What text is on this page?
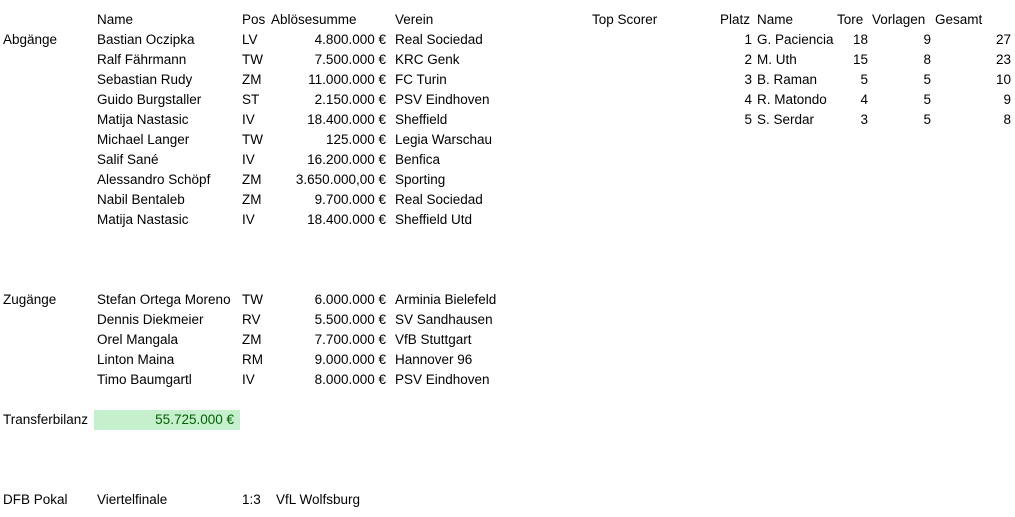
Name	Pos Ablösesumme	Verein	Top Scorer	Platz Name	Tore Vorlagen Gesamt
Abgänge	Bastian Oczipka	LV	4.800.000 € Real Sociedad
Ralf Fährmann	TW	7.500.000 € KRC Genk
Sebastian Rudy	ZM	11.000.000 € FC Turin
Guido Burgstaller	ST	2.150.000 € PSV Eindhoven
Matija Nastasic	IV	18.400.000 € Sheffield
Michael Langer	TW	125.000 € Legia Warschau
Salif Sané	IV	16.200.000 € Benfica
Alessandro Schöpf ZM	3.650.000,00 € Sporting
Nabil Bentaleb	ZM	9.700.000 € Real Sociedad
Matija Nastasic	IV	18.400.000 € Sheffield Utd
1 G. Paciencia	18	9	27
2 M. Uth	15	8	23
3 B. Raman	5	5	10
4 R. Matondo	4	5	9
5 S. Serdar	3	5	8
Zugänge	Stefan Ortega Moreno TW	6.000.000 € Arminia Bielefeld
Dennis Diekmeier	RV	5.500.000 € SV Sandhausen
Orel Mangala	ZM	7.700.000 € VfB Stuttgart
Linton Maina	RM	9.000.000 € Hannover 96
Timo Baumgartl	IV	8.000.000 € PSV Eindhoven
Transferbilanz	55.725.000 €
DFB Pokal Viertelfinale	1:3 VfL Wolfsburg
